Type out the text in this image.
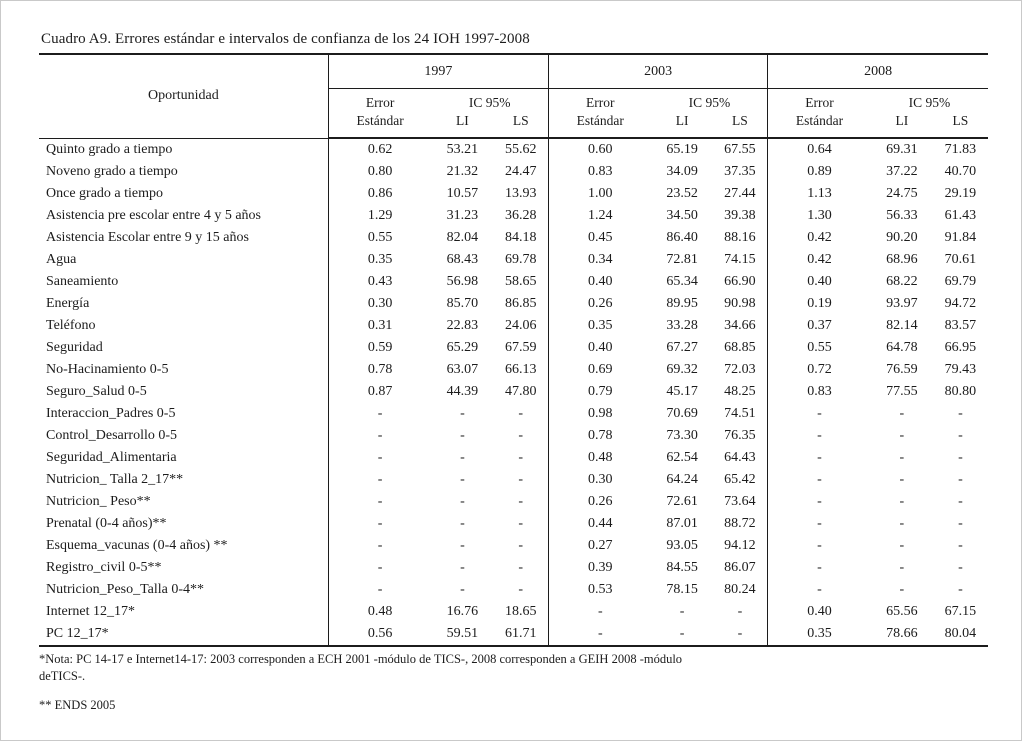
Cuadro A9. Errores estándar e intervalos de confianza de los 24 IOH 1997-2008
Oportunidad	1997			2003			2008		
	Error	IC 95%		Error	IC 95%		Error	IC 95%	
	Estándar	LI	LS	Estándar	LI	LS	Estándar	LI	LS
Quinto grado a tiempo	0.62	53.21	55.62	0.60	65.19	67.55	0.64	69.31	71.83
Noveno grado a tiempo	0.80	21.32	24.47	0.83	34.09	37.35	0.89	37.22	40.70
Once grado a tiempo	0.86	10.57	13.93	1.00	23.52	27.44	1.13	24.75	29.19
Asistencia pre escolar entre 4 y 5 años	1.29	31.23	36.28	1.24	34.50	39.38	1.30	56.33	61.43
Asistencia Escolar entre 9 y 15 años	0.55	82.04	84.18	0.45	86.40	88.16	0.42	90.20	91.84
Agua	0.35	68.43	69.78	0.34	72.81	74.15	0.42	68.96	70.61
Saneamiento	0.43	56.98	58.65	0.40	65.34	66.90	0.40	68.22	69.79
Energía	0.30	85.70	86.85	0.26	89.95	90.98	0.19	93.97	94.72
Teléfono	0.31	22.83	24.06	0.35	33.28	34.66	0.37	82.14	83.57
Seguridad	0.59	65.29	67.59	0.40	67.27	68.85	0.55	64.78	66.95
No-Hacinamiento 0-5	0.78	63.07	66.13	0.69	69.32	72.03	0.72	76.59	79.43
Seguro_Salud 0-5	0.87	44.39	47.80	0.79	45.17	48.25	0.83	77.55	80.80
Interaccion_Padres 0-5	-	-	-	0.98	70.69	74.51	-	-	-
Control_Desarrollo 0-5	-	-	-	0.78	73.30	76.35	-	-	-
Seguridad_Alimentaria	-	-	-	0.48	62.54	64.43	-	-	-
Nutricion_ Talla 2_17**	-	-	-	0.30	64.24	65.42	-	-	-
Nutricion_ Peso**	-	-	-	0.26	72.61	73.64	-	-	-
Prenatal (0-4 años)**	-	-	-	0.44	87.01	88.72	-	-	-
Esquema_vacunas (0-4 años) **	-	-	-	0.27	93.05	94.12	-	-	-
Registro_civil 0-5**	-	-	-	0.39	84.55	86.07	-	-	-
Nutricion_Peso_Talla 0-4**	-	-	-	0.53	78.15	80.24	-	-	-
Internet 12_17*	0.48	16.76	18.65	-	-	-	0.40	65.56	67.15
PC 12_17*	0.56	59.51	61.71	-	-	-	0.35	78.66	80.04
*Nota: PC 14-17 e Internet14-17: 2003 corresponden a ECH 2001 -módulo de TICS-, 2008 corresponden a GEIH 2008 -módulo
deTICS-.
** ENDS 2005
